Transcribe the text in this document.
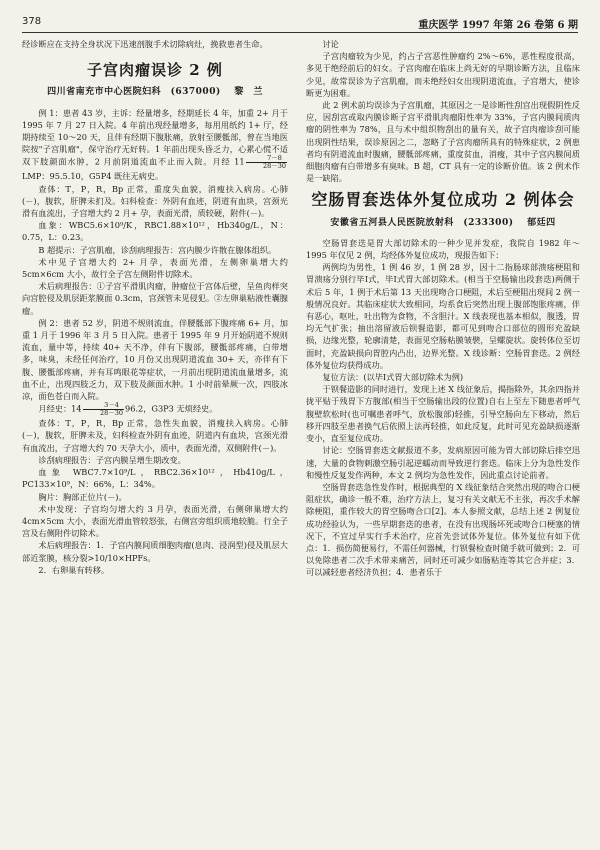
378	重庆医学 1997 年第 26 卷第 6 期

经诊断应在支持全身状况下迅速剖腹手术切除病灶，挽救患者生命。

子宫肉瘤误诊 2 例
四川省南充市中心医院妇科　(637000) 黎　兰

例 1：患者 43 岁，主诉：经量增多，经期延长 4 年，加重 2+ 月于 1995 年 7 月 27 日入院。4 年前出现经量增多，每用用纸约 1+ 厅，经期持续至 10～20 天，且伴有经期下腹胀痛，放射至腰骶部，曾在当地医院按"子宫肌瘤"，保守治疗无好转。1 年前出现头昏乏力，心累心慌不适双下肢颜面水肿，2 月前阴道流血不止而入院。月经 $11 \frac{7-8}{28-30}$
LMP：95.5.10，G5P4 既往无病史。

查体：T，P，R，Bp 正常，重度失血貌，消瘦扶入病房。心肺(－)，腹软，肝脾未扪及。妇科检查：外阴有血迹，阴道有血块，宫颈光滑有血流出，子宫增大约 2 月+ 孕，表面光滑，质较硬，附件(－)。

血象：WBC5.6×10⁹/K，RBC1.88×10¹²，Hb340g/L，N：0.75，L：0.23。

B 超提示：子宫肌瘤，诊刮病理报告：宫内膜少许散在腺体组织。

术中见子宫增大约 2+ 月孕，表面光滑，左侧卵巢增大约 5cm×6cm 大小，故行全子宫左侧附件切除术。

术后病理报告：①子宫平滑肌肉瘤，肿瘤位于宫体后壁，呈鱼肉样突向宫腔侵及肌层距浆膜面 0.3cm，宫颈管未见侵犯。②左卵巢粘液性囊腺瘤。

例 2：患者 52 岁，阴道不规则流血，伴腰骶部下腹疼痛 6+ 月，加重 1 月于 1996 年 3 月 5 日入院。患者于 1995 年 9 月开始阴道不规则流血，量中等，持续 40+ 天不净，伴有下腹部，腰骶部疼痛，白带增多，味臭，未经任何治疗，10 月份又出现阴道流血 30+ 天，亦伴有下腹、腰骶部疼痛，并有耳鸣眼花等症状，一月前出现阴道流血量增多，流血不止，出现四肢乏力，双下肢及颜面水肿。1 小时前晕厥一次，四肢冰凉，面色苍白而入院。

月经史：$14 \frac{3-4}{28-30} 96.2$，G3P3 无烦经史。

查体：T，P，R，Bp 正常，急性失血貌，消瘦扶入病房。心肺(－)，腹软，肝脾未及，妇科检查外阴有血迹，阴道内有血块，宫颈光滑有血流出，子宫增大约 70 天孕大小，质中，表面光滑，双侧附件(－)。

诊刮病理报告：子宫内膜呈增生期改变。

血象 WBC7.7×10⁹/L，RBC2.36×10¹²，Hb410g/L，PC133×10⁹，N：66%，L：34%。

胸片：胸部正位片(－)。

术中发现：子宫均匀增大约 3 月孕，表面光滑，右侧卵巢增大约 4cm×5cm 大小，表面光滑血管较怒张，右侧宫旁组织质地较脆。行全子宫及右侧附件切除术。

术后病理报告：1．子宫内膜间质细胞肉瘤(息肉、浸润型)侵及肌层大部近浆膜，核分裂>10/10×HPFs。

2．右卵巢有转移。

讨论

子宫肉瘤较为少见，约占子宫恶性肿瘤约 2%～6%，恶性程度很高，多见于绝经前后的妇女。子宫肉瘤在临床上尚无好的早期诊断方法，且临床少见，故常误诊为子宫肌瘤，而未绝经妇女出现阴道流血，子宫增大，使诊断更为困难。

此 2 例术前均误诊为子宫肌瘤，其原因之一是诊断性刮宫出现假阴性反应，因刮宫或取内膜诊断子宫平滑肌肉瘤阳性率为 33%，子宫内膜间质肉瘤的阴性率为 78%，且与术中组织物刮出的量有关，故子宫肉瘤诊刮可能出现阴性结果，误诊原因之二，忽略了子宫肉瘤所具有的特殊症状，2 例患者均有阴道流血时腹痛，腰骶部疼痛，重度贫血，消瘦，其中子宫内膜间质细胞肉瘤有白带增多有臭味。B 超，CT 具有一定的诊断价值。该 2 例术作是一缺陷。

空肠胃套迭体外复位成功 2 例体会
安徽省五河县人民医院放射科　(233300) 郁廷四

空肠胃套迭是胃大部切除术的一种少见并发症，我院自 1982 年～1995 年仅见 2 例，均经体外复位成功，现报告如下：

两例均为男性，1 例 46 岁，1 例 28 岁，因十二指肠球部溃疡梗阻和胃溃疡分别行毕Ⅰ式，毕Ⅰ式胃大部切除术。(相当于空肠输出段套迭)两侧于术后 5 年，1 例于术后第 13 天出现吻合口梗阻，术后至梗阻出现间 2 例一般情况良好。其临床症状大致相同，均系食后突然出现上腹部饱胀疼痛，伴有恶心，呕吐，吐出物为食物，不含胆汁。X 线表现也基本相似，腹透，胃均无气扩张；抽出溶留液后钡餐造影，都可见到吻合口部位的圆形充盈缺损，边缘光整，轮廓清楚，表面见空肠粘膜皱襞，呈螺旋状。旋转体位至切面时，充盈缺损向胃腔内凸出，边界光整。X 线诊断：空肠胃套迭。2 例经体外复位均获得成功。

复位方法：(以毕Ⅰ式胃大部切除术为例)

于钡餐造影的同时进行，发现上述 X 线征象后，揭指除外，其余四指并拢平贴于残胃下方腹部(相当于空肠输出段的位置)自右上至左下随患者呼气腹壁软松时(也可嘱患者呼气，放松腹部)轻推，引导空肠向左下移动，然后移开四肢至患者换气后依照上法再轻推，如此反复，此时可见充盈缺损逐渐变小，直至复位成功。

讨论：空肠胃套迭文献报道不多，发病原因可能为胃大部切除后排空迅速，大量的食物刺激空肠引起逆蠕动而导致逆行套迭。临床上分为急性发作和慢性反复发作两种，本文 2 例均为急性发作，因此重点讨论前者。

空肠胃套迭急性发作时，根据典型的 X 线征象结合突然出现的吻合口梗阻症状，确诊一般不难，治疗方法上，复习有关文献无不主张，再次手术解除梗阻，重作较大的胃空肠吻合口[2]。本人参照文献，总结上述 2 例复位成功经验认为，一些早期套迭的患者，在没有出现肠坏死或吻合口梗塞的情况下，不宜过早实行手术治疗，应首先尝试体外复位。体外复位有如下优点：1．损伤简便易行，不需任何器械，行钡餐检查时随手就可做到；2．可以免除患者二次手术带来痛苦，同时还可减少如肠粘连等其它合并症；3．可以减轻患者经济负担；4．患者乐于
